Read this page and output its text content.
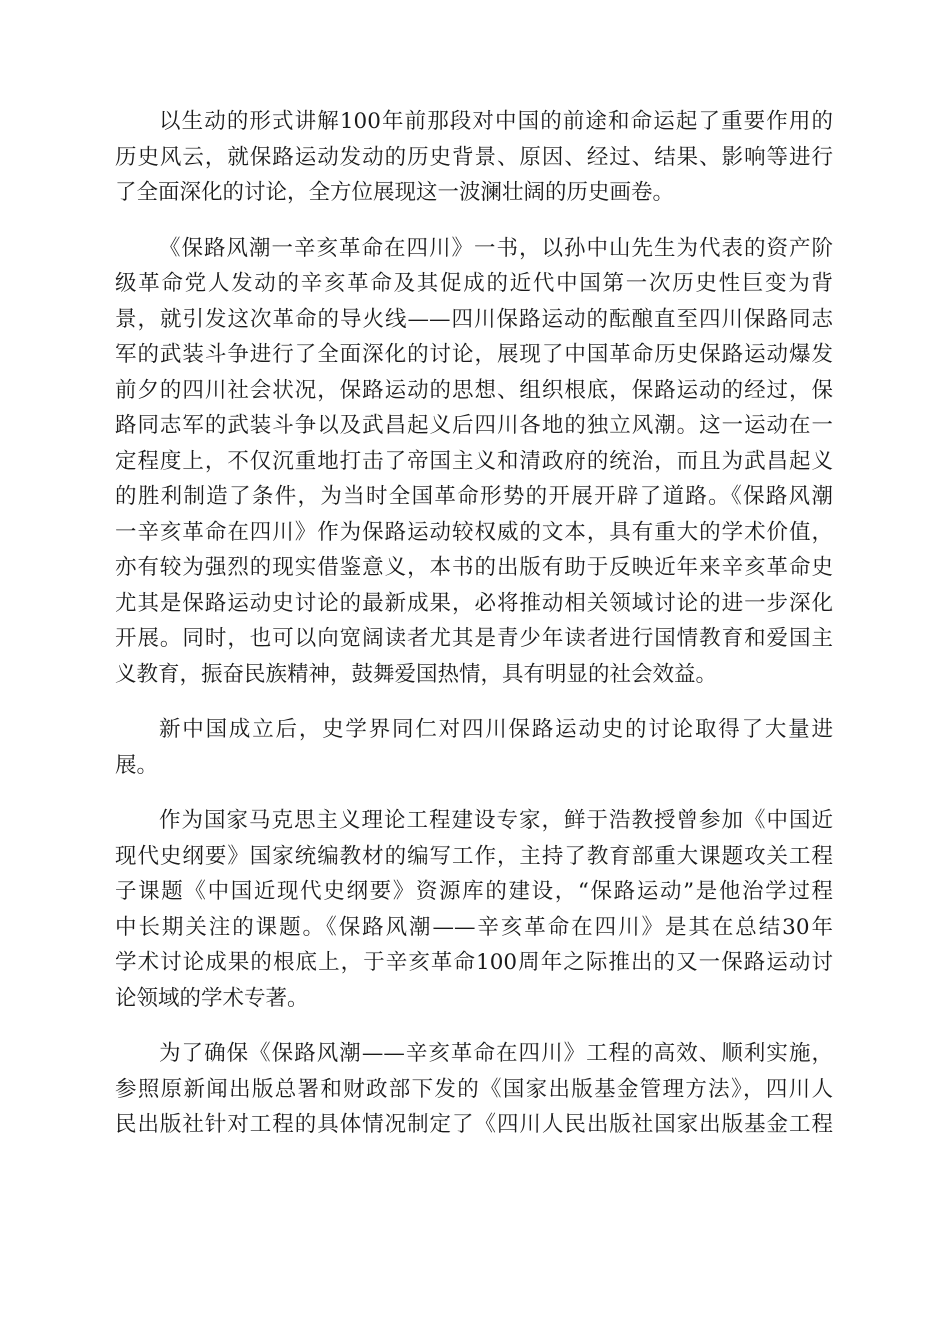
以生动的形式讲解100年前那段对中国的前途和命运起了重要作用的
历史风云，就保路运动发动的历史背景、原因、经过、结果、影响等进行
了全面深化的讨论，全方位展现这一波澜壮阔的历史画卷。
《保路风潮一辛亥革命在四川》一书，以孙中山先生为代表的资产阶
级革命党人发动的辛亥革命及其促成的近代中国第一次历史性巨变为背
景，就引发这次革命的导火线——四川保路运动的酝酿直至四川保路同志
军的武装斗争进行了全面深化的讨论，展现了中国革命历史保路运动爆发
前夕的四川社会状况，保路运动的思想、组织根底，保路运动的经过，保
路同志军的武装斗争以及武昌起义后四川各地的独立风潮。这一运动在一
定程度上，不仅沉重地打击了帝国主义和清政府的统治，而且为武昌起义
的胜利制造了条件，为当时全国革命形势的开展开辟了道路。《保路风潮
一辛亥革命在四川》作为保路运动较权威的文本，具有重大的学术价值，
亦有较为强烈的现实借鉴意义，本书的出版有助于反映近年来辛亥革命史
尤其是保路运动史讨论的最新成果，必将推动相关领域讨论的进一步深化
开展。同时，也可以向宽阔读者尤其是青少年读者进行国情教育和爱国主
义教育，振奋民族精神，鼓舞爱国热情，具有明显的社会效益。
新中国成立后，史学界同仁对四川保路运动史的讨论取得了大量进
展。
作为国家马克思主义理论工程建设专家，鲜于浩教授曾参加《中国近
现代史纲要》国家统编教材的编写工作，主持了教育部重大课题攻关工程
子课题《中国近现代史纲要》资源库的建设，“保路运动”是他治学过程
中长期关注的课题。《保路风潮——辛亥革命在四川》是其在总结30年
学术讨论成果的根底上，于辛亥革命100周年之际推出的又一保路运动讨
论领域的学术专著。
为了确保《保路风潮——辛亥革命在四川》工程的高效、顺利实施，
参照原新闻出版总署和财政部下发的《国家出版基金管理方法》，四川人
民出版社针对工程的具体情况制定了《四川人民出版社国家出版基金工程
